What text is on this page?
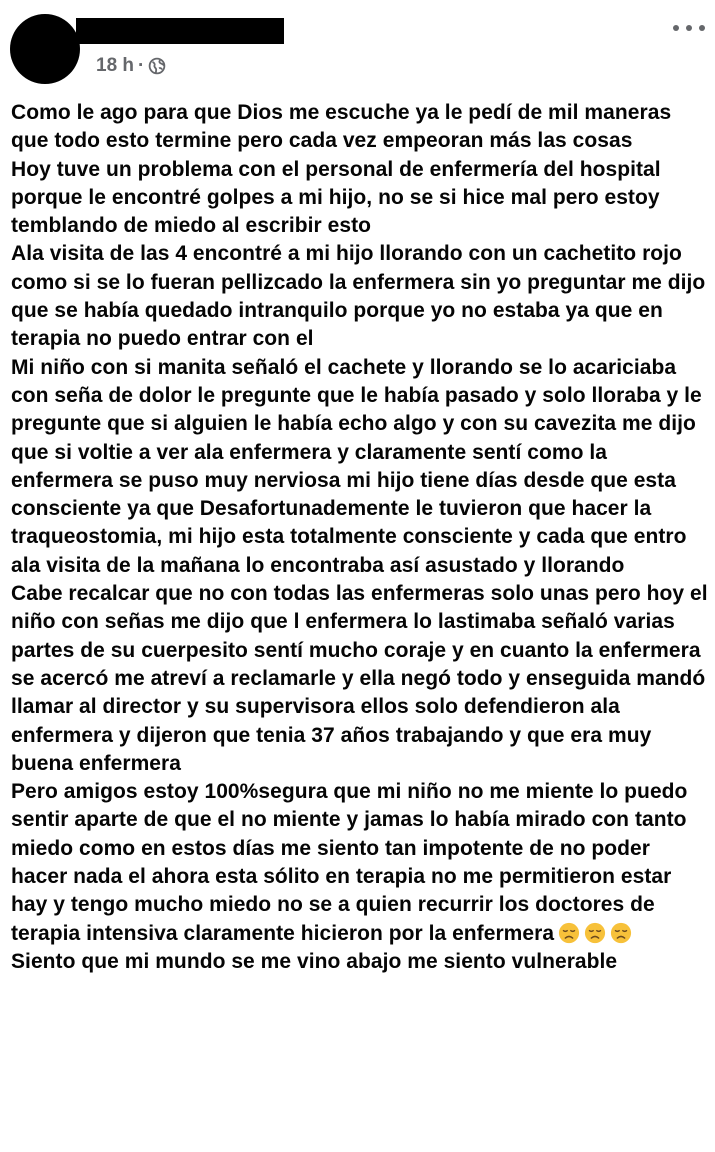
18 h ·

Como le ago para que Dios me escuche ya le pedí de mil maneras que todo esto termine pero cada vez empeoran más las cosas

Hoy tuve un problema con el personal de enfermería del hospital porque le encontré golpes a mi hijo, no se si hice mal pero estoy temblando de miedo al escribir esto

Ala visita de las 4 encontré a mi hijo llorando con un cachetito rojo como si se lo fueran pellizcado la enfermera sin yo preguntar me dijo que se había quedado intranquilo porque yo no estaba ya que en terapia no puedo entrar con el

Mi niño con si manita señaló el cachete y llorando se lo acariciaba con seña de dolor le pregunte que le había pasado y solo lloraba y le pregunte que si alguien le había echo algo y con su cavezita me dijo que si voltie a ver ala enfermera y claramente sentí como la enfermera se puso muy nerviosa mi hijo tiene días desde que esta consciente ya que Desafortunademente le tuvieron que hacer la traqueostomia, mi hijo esta totalmente consciente y cada que entro ala visita de la mañana lo encontraba así asustado y llorando

Cabe recalcar que no con todas las enfermeras solo unas pero hoy el niño con señas me dijo que l enfermera lo lastimaba señaló varias partes de su cuerpesito sentí mucho coraje y en cuanto la enfermera se acercó me atreví a reclamarle y ella negó todo y enseguida mandó llamar al director y su supervisora ellos solo defendieron ala enfermera y dijeron que tenia 37 años trabajando y que era muy buena enfermera

Pero amigos estoy 100%segura que mi niño no me miente lo puedo sentir aparte de que el no miente y jamas lo había mirado con tanto miedo como en estos días me siento tan impotente de no poder hacer nada el ahora esta sólito en terapia no me permitieron estar hay y tengo mucho miedo no se a quien recurrir los doctores de terapia intensiva claramente hicieron por la enfermera

Siento que mi mundo se me vino abajo me siento vulnerable
